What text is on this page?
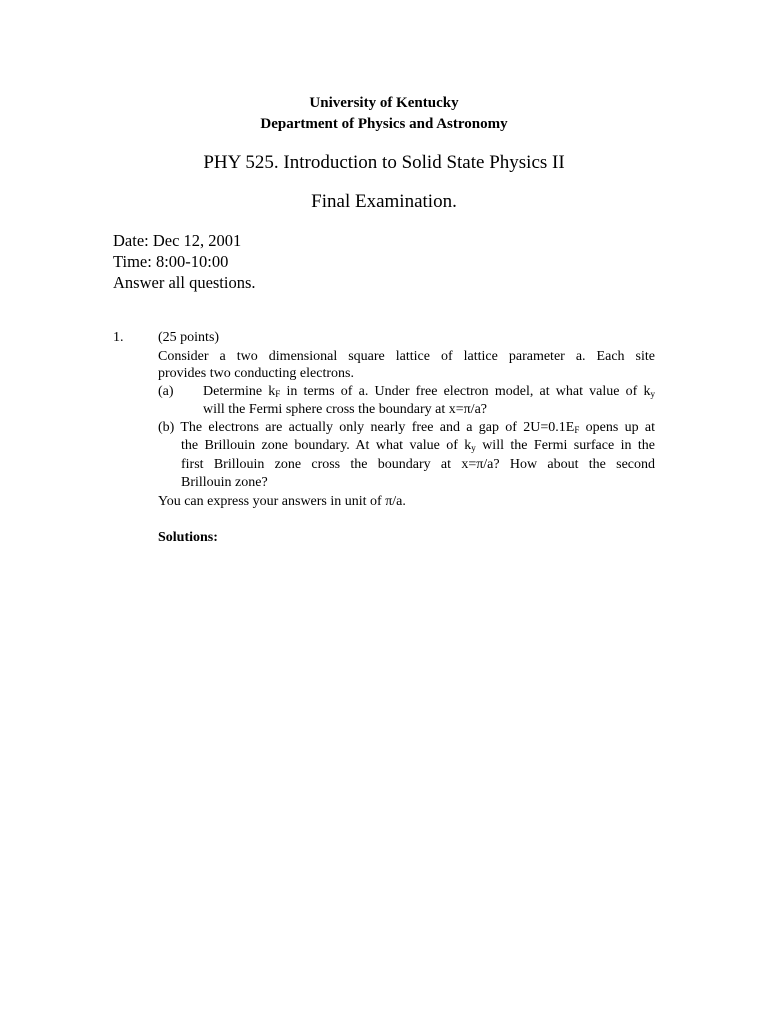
University of Kentucky
Department of Physics and Astronomy
PHY 525. Introduction to Solid State Physics II
Final Examination.
Date: Dec 12, 2001
Time: 8:00-10:00
Answer all questions.
1. (25 points)
Consider a two dimensional square lattice of lattice parameter a. Each site
provides two conducting electrons.
(a) Determine $k_F$ in terms of a. Under free electron model, at what value of $k_y$
will the Fermi sphere cross the boundary at x=π/a?
(b) The electrons are actually only nearly free and a gap of $2U=0.1E_F$ opens up at
the Brillouin zone boundary. At what value of $k_y$ will the Fermi surface in the
first Brillouin zone cross the boundary at x=π/a? How about the second
Brillouin zone?
You can express your answers in unit of π/a.
Solutions:
